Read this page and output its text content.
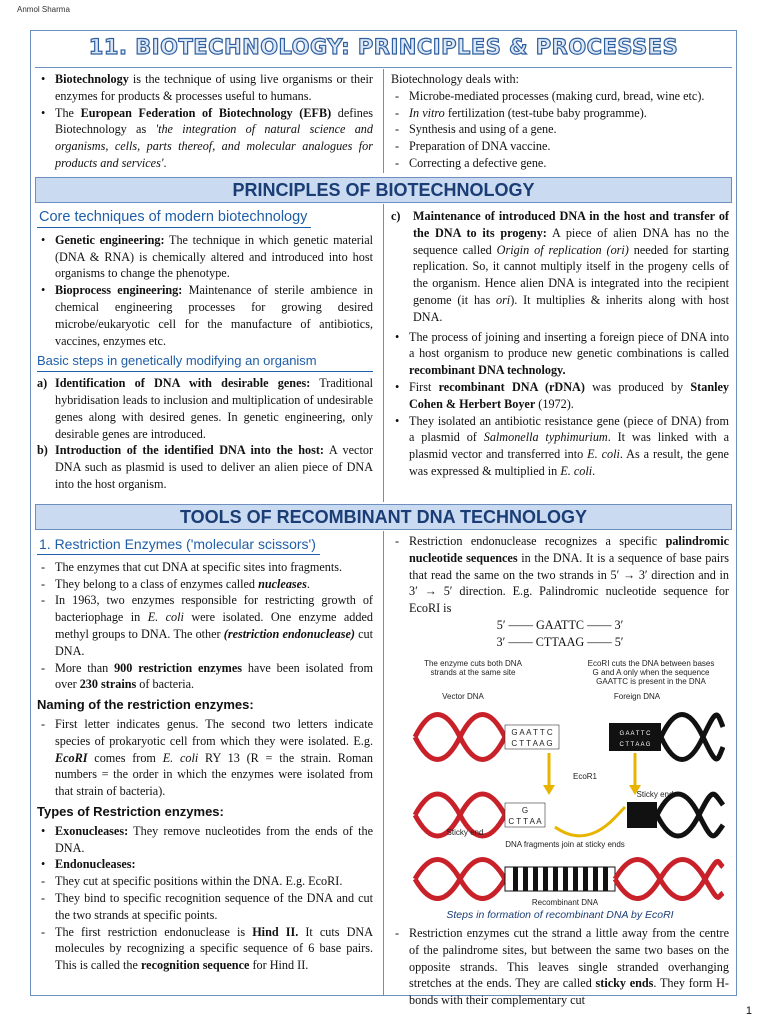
Anmol Sharma
11. BIOTECHNOLOGY: PRINCIPLES & PROCESSES
• Biotechnology is the technique of using live organisms or their enzymes for products & processes useful to humans.
• The European Federation of Biotechnology (EFB) defines Biotechnology as 'the integration of natural science and organisms, cells, parts thereof, and molecular analogues for products and services'.
Biotechnology deals with:
- Microbe-mediated processes (making curd, bread, wine etc).
- In vitro fertilization (test-tube baby programme).
- Synthesis and using of a gene.
- Preparation of DNA vaccine.
- Correcting a defective gene.
PRINCIPLES OF BIOTECHNOLOGY
Core techniques of modern biotechnology
• Genetic engineering: The technique in which genetic material (DNA & RNA) is chemically altered and introduced into host organisms to change the phenotype.
• Bioprocess engineering: Maintenance of sterile ambience in chemical engineering processes for growing desired microbe/eukaryotic cell for the manufacture of antibiotics, vaccines, enzymes etc.
Basic steps in genetically modifying an organism
a) Identification of DNA with desirable genes: Traditional hybridisation leads to inclusion and multiplication of undesirable genes along with desired genes. In genetic engineering, only desirable genes are introduced.
b) Introduction of the identified DNA into the host: A vector DNA such as plasmid is used to deliver an alien piece of DNA into the host organism.
c) Maintenance of introduced DNA in the host and transfer of the DNA to its progeny: A piece of alien DNA has no the sequence called Origin of replication (ori) needed for starting replication. So, it cannot multiply itself in the progeny cells of the organism. Hence alien DNA is integrated into the recipient genome (it has ori). It multiplies & inherits along with host DNA.
• The process of joining and inserting a foreign piece of DNA into a host organism to produce new genetic combinations is called recombinant DNA technology.
• First recombinant DNA (rDNA) was produced by Stanley Cohen & Herbert Boyer (1972).
• They isolated an antibiotic resistance gene (piece of DNA) from a plasmid of Salmonella typhimurium. It was linked with a plasmid vector and transferred into E. coli. As a result, the gene was expressed & multiplied in E. coli.
TOOLS OF RECOMBINANT DNA TECHNOLOGY
1. Restriction Enzymes ('molecular scissors')
- The enzymes that cut DNA at specific sites into fragments.
- They belong to a class of enzymes called nucleases.
- In 1963, two enzymes responsible for restricting growth of bacteriophage in E. coli were isolated. One enzyme added methyl groups to DNA. The other (restriction endonuclease) cut DNA.
- More than 900 restriction enzymes have been isolated from over 230 strains of bacteria.
Naming of the restriction enzymes:
- First letter indicates genus. The second two letters indicate species of prokaryotic cell from which they were isolated. E.g. EcoRI comes from E. coli RY 13 (R = the strain. Roman numbers = the order in which the enzymes were isolated from that strain of bacteria).
Types of Restriction enzymes:
• Exonucleases: They remove nucleotides from the ends of the DNA.
• Endonucleases:
- They cut at specific positions within the DNA. E.g. EcoRI.
- They bind to specific recognition sequence of the DNA and cut the two strands at specific points.
- The first restriction endonuclease is Hind II. It cuts DNA molecules by recognizing a specific sequence of 6 base pairs. This is called the recognition sequence for Hind II.
- Restriction endonuclease recognizes a specific palindromic nucleotide sequences in the DNA. It is a sequence of base pairs that read the same on the two strands in 5′ → 3′ direction and in 3′ → 5′ direction. E.g. Palindromic nucleotide sequence for EcoRI is
5′ —— GAATTC —— 3′
3′ —— CTTAAG —— 5′
The enzyme cuts both DNA
strands at the same site
EcoRI cuts the DNA between bases
G and A only when the sequence
GAATTC is present in the DNA
Vector DNA	Foreign DNA
G A A T T C
C T T A A G
G A A T T C
C T T A A G
EcoR1
Sticky end
G
C T T A A
Sticky end
DNA fragments join at sticky ends
Recombinant DNA
Steps in formation of recombinant DNA by EcoRI
- Restriction enzymes cut the strand a little away from the centre of the palindrome sites, but between the same two bases on the opposite strands. This leaves single stranded overhanging stretches at the ends. They are called sticky ends. They form H-bonds with their complementary cut
1
